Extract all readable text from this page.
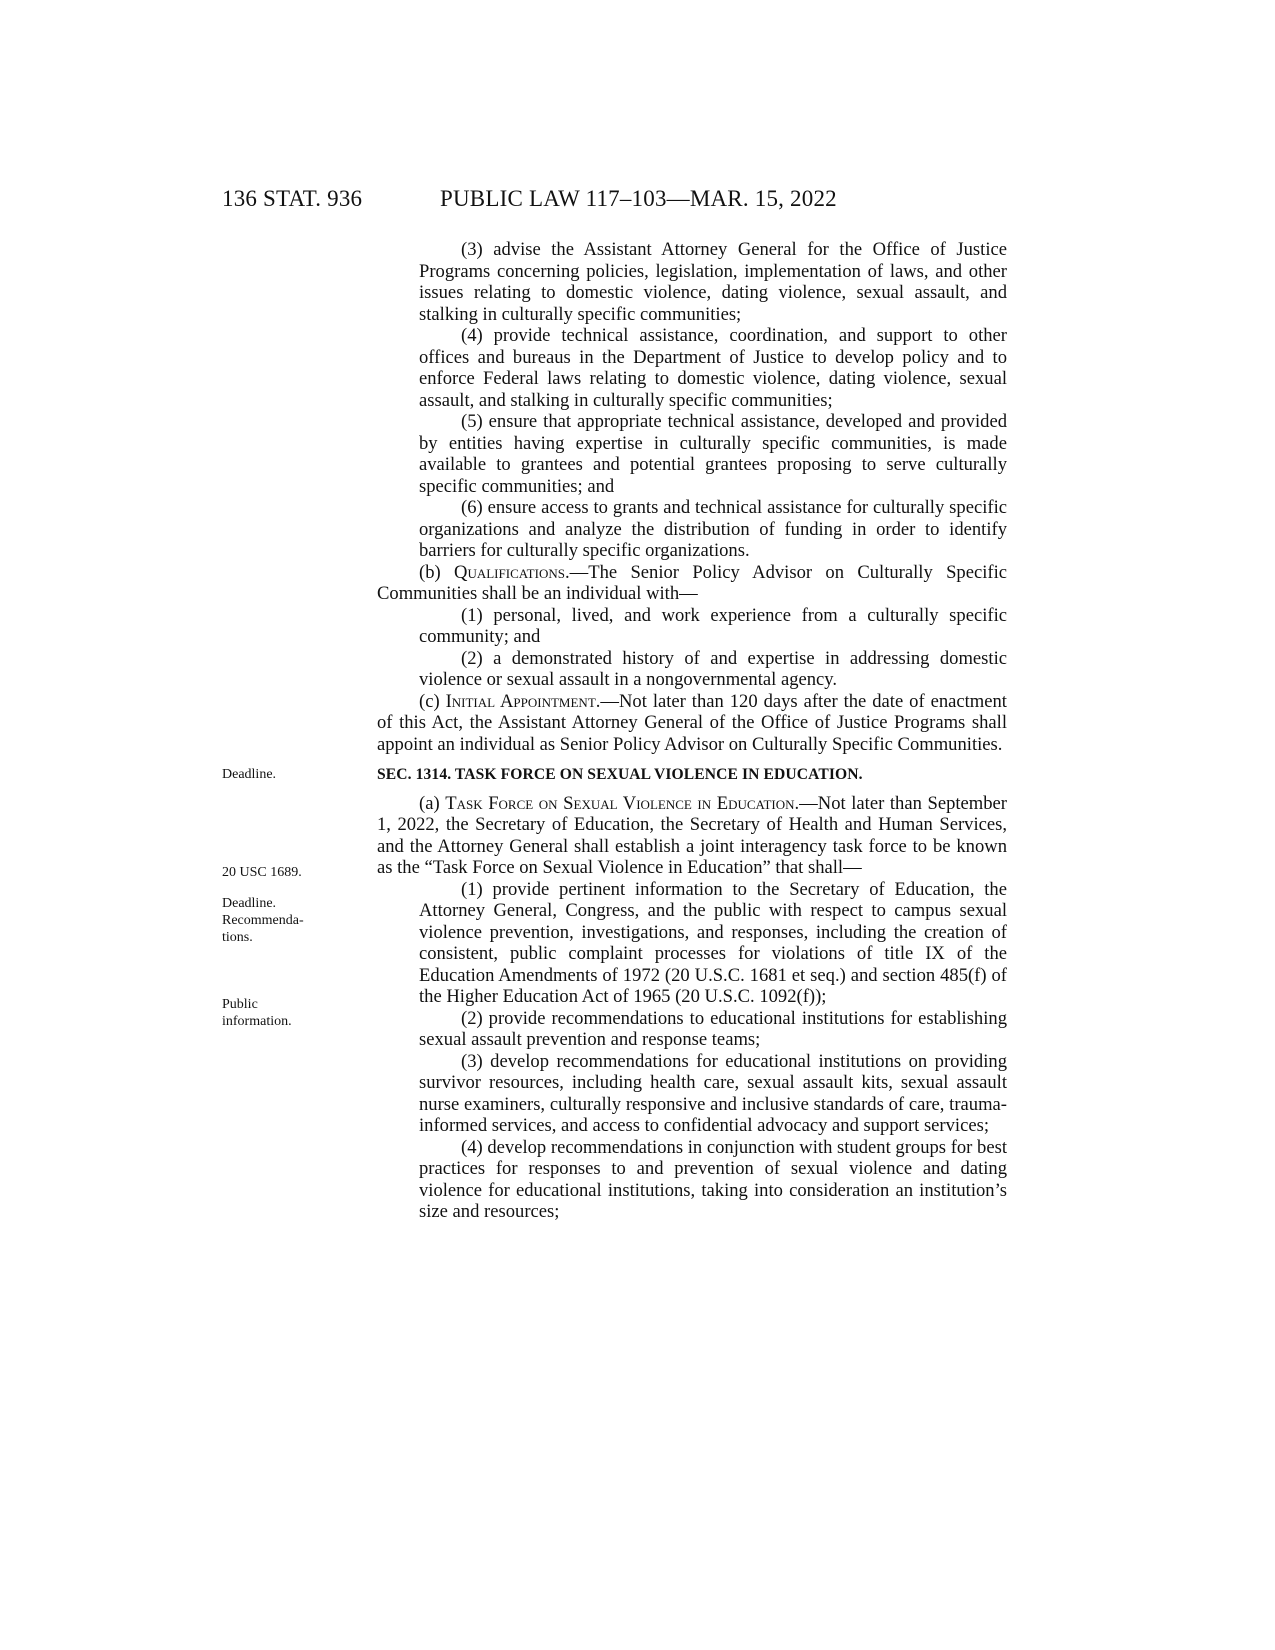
136 STAT. 936	PUBLIC LAW 117–103—MAR. 15, 2022
Deadline.
20 USC 1689.
Deadline.
Recommenda-tions.
Public information.

(3) advise the Assistant Attorney General for the Office of Justice Programs concerning policies, legislation, implementation of laws, and other issues relating to domestic violence, dating violence, sexual assault, and stalking in culturally specific communities;

(4) provide technical assistance, coordination, and support to other offices and bureaus in the Department of Justice to develop policy and to enforce Federal laws relating to domestic violence, dating violence, sexual assault, and stalking in culturally specific communities;

(5) ensure that appropriate technical assistance, developed and provided by entities having expertise in culturally specific communities, is made available to grantees and potential grantees proposing to serve culturally specific communities; and

(6) ensure access to grants and technical assistance for culturally specific organizations and analyze the distribution of funding in order to identify barriers for culturally specific organizations.

(b) Qualifications.—The Senior Policy Advisor on Culturally Specific Communities shall be an individual with—

(1) personal, lived, and work experience from a culturally specific community; and

(2) a demonstrated history of and expertise in addressing domestic violence or sexual assault in a nongovernmental agency.

(c) Initial Appointment.—Not later than 120 days after the date of enactment of this Act, the Assistant Attorney General of the Office of Justice Programs shall appoint an individual as Senior Policy Advisor on Culturally Specific Communities.

SEC. 1314. TASK FORCE ON SEXUAL VIOLENCE IN EDUCATION.

(a) Task Force on Sexual Violence in Education.—Not later than September 1, 2022, the Secretary of Education, the Secretary of Health and Human Services, and the Attorney General shall establish a joint interagency task force to be known as the “Task Force on Sexual Violence in Education” that shall—

(1) provide pertinent information to the Secretary of Education, the Attorney General, Congress, and the public with respect to campus sexual violence prevention, investigations, and responses, including the creation of consistent, public complaint processes for violations of title IX of the Education Amendments of 1972 (20 U.S.C. 1681 et seq.) and section 485(f) of the Higher Education Act of 1965 (20 U.S.C. 1092(f));

(2) provide recommendations to educational institutions for establishing sexual assault prevention and response teams;

(3) develop recommendations for educational institutions on providing survivor resources, including health care, sexual assault kits, sexual assault nurse examiners, culturally responsive and inclusive standards of care, trauma-informed services, and access to confidential advocacy and support services;

(4) develop recommendations in conjunction with student groups for best practices for responses to and prevention of sexual violence and dating violence for educational institutions, taking into consideration an institution’s size and resources;
